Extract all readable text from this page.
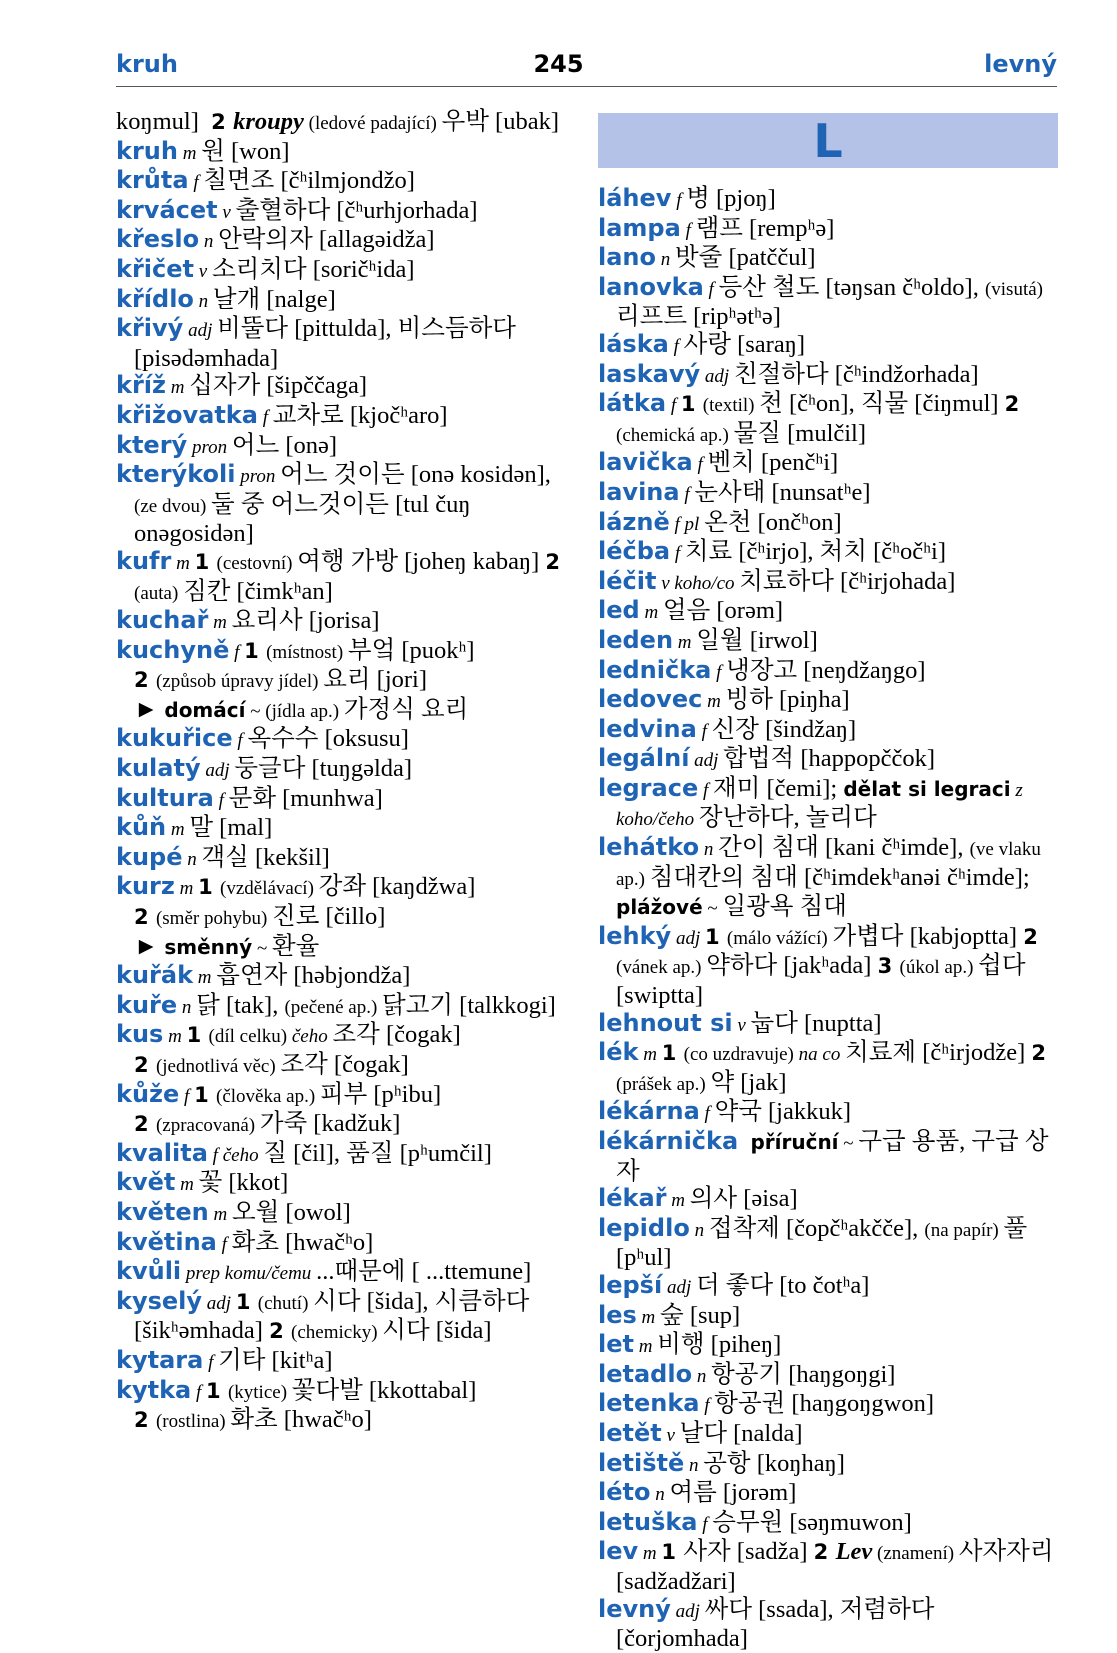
kruh	245	levný

koŋmul]  2 kroupy (ledové padající) 우박 [ubak]

kruh m 원 [won]

krůta f 칠면조 [čʰilmjondžo]

krvácet v 출혈하다 [čʰurhjorhada]

křeslo n 안락의자 [allagəidža]

křičet v 소리치다 [soričʰida]

křídlo n 날개 [nalge]

křivý adj 비뚤다 [pittulda], 비스듬하다 [pisədəmhada]

kříž m 십자가 [šipččaga]

křižovatka f 교차로 [kjočʰaro]

který pron 어느 [onə]

kterýkoli pron 어느 것이든 [onə kosidən], (ze dvou) 둘 중 어느것이든 [tul čuŋ onəgosidən]

kufr m 1 (cestovní) 여행 가방 [joheŋ kabaŋ] 2 (auta) 짐칸 [čimkʰan]

kuchař m 요리사 [jorisa]

kuchyně f 1 (místnost) 부엌 [puokʰ]

2 (způsob úpravy jídel) 요리 [jori]

► domácí ~ (jídla ap.) 가정식 요리

kukuřice f 옥수수 [oksusu]

kulatý adj 둥글다 [tuŋgəlda]

kultura f 문화 [munhwa]

kůň m 말 [mal]

kupé n 객실 [kekšil]

kurz m 1 (vzdělávací) 강좌 [kaŋdžwa]

2 (směr pohybu) 진로 [čillo]

► směnný ~ 환율

kuřák m 흡연자 [həbjondža]

kuře n 닭 [tak], (pečené ap.) 닭고기 [talkkogi]

kus m 1 (díl celku) čeho 조각 [čogak]

2 (jednotlivá věc) 조각 [čogak]

kůže f 1 (člověka ap.) 피부 [pʰibu]

2 (zpracovaná) 가죽 [kadžuk]

kvalita f čeho 질 [čil], 품질 [pʰumčil]

květ m 꽃 [kkot]

květen m 오월 [owol]

květina f 화초 [hwačʰo]

kvůli prep komu/čemu ...때문에 [ ...ttemune]

kyselý adj 1 (chutí) 시다 [šida], 시큼하다 [šikʰəmhada] 2 (chemicky) 시다 [šida]

kytara f 기타 [kitʰa]

kytka f 1 (kytice) 꽃다발 [kkottabal]

2 (rostlina) 화초 [hwačʰo]

L

láhev f 병 [pjoŋ]

lampa f 램프 [rempʰə]

lano n 밧줄 [patččul]

lanovka f 등산 철도 [təŋsan čʰoldo], (visutá) 리프트 [ripʰətʰə]

láska f 사랑 [saraŋ]

laskavý adj 친절하다 [čʰindžorhada]

látka f 1 (textil) 천 [čʰon], 직물 [čiŋmul] 2 (chemická ap.) 물질 [mulčil]

lavička f 벤치 [penčʰi]

lavina f 눈사태 [nunsatʰe]

lázně f pl 온천 [ončʰon]

léčba f 치료 [čʰirjo], 처치 [čʰočʰi]

léčit v koho/co 치료하다 [čʰirjohada]

led m 얼음 [orəm]

leden m 일월 [irwol]

lednička f 냉장고 [neŋdžaŋgo]

ledovec m 빙하 [piŋha]

ledvina f 신장 [šindžaŋ]

legální adj 합법적 [happopččok]

legrace f 재미 [čemi]; dělat si legraci z koho/čeho 장난하다, 놀리다

lehátko n 간이 침대 [kani čʰimde], (ve vlaku ap.) 침대칸의 침대 [čʰimdekʰanəi čʰimde]; plážové ~ 일광욕 침대

lehký adj 1 (málo vážící) 가볍다 [kabjoptta] 2 (vánek ap.) 약하다 [jakʰada] 3 (úkol ap.) 쉽다 [swiptta]

lehnout si v 눕다 [nuptta]

lék m 1 (co uzdravuje) na co 치료제 [čʰirjodže] 2 (prášek ap.) 약 [jak]

lékárna f 약국 [jakkuk]

lékárnička příruční ~ 구급 용품, 구급 상자

lékař m 의사 [əisa]

lepidlo n 접착제 [čopčʰakčče], (na papír) 풀 [pʰul]

lepší adj 더 좋다 [to čotʰa]

les m 숲 [sup]

let m 비행 [piheŋ]

letadlo n 항공기 [haŋgoŋgi]

letenka f 항공권 [haŋgoŋgwon]

letět v 날다 [nalda]

letiště n 공항 [koŋhaŋ]

léto n 여름 [jorəm]

letuška f 승무원 [səŋmuwon]

lev m 1 사자 [sadža] 2 Lev (znamení) 사자자리 [sadžadžari]

levný adj 싸다 [ssada], 저렴하다 [čorjomhada]
